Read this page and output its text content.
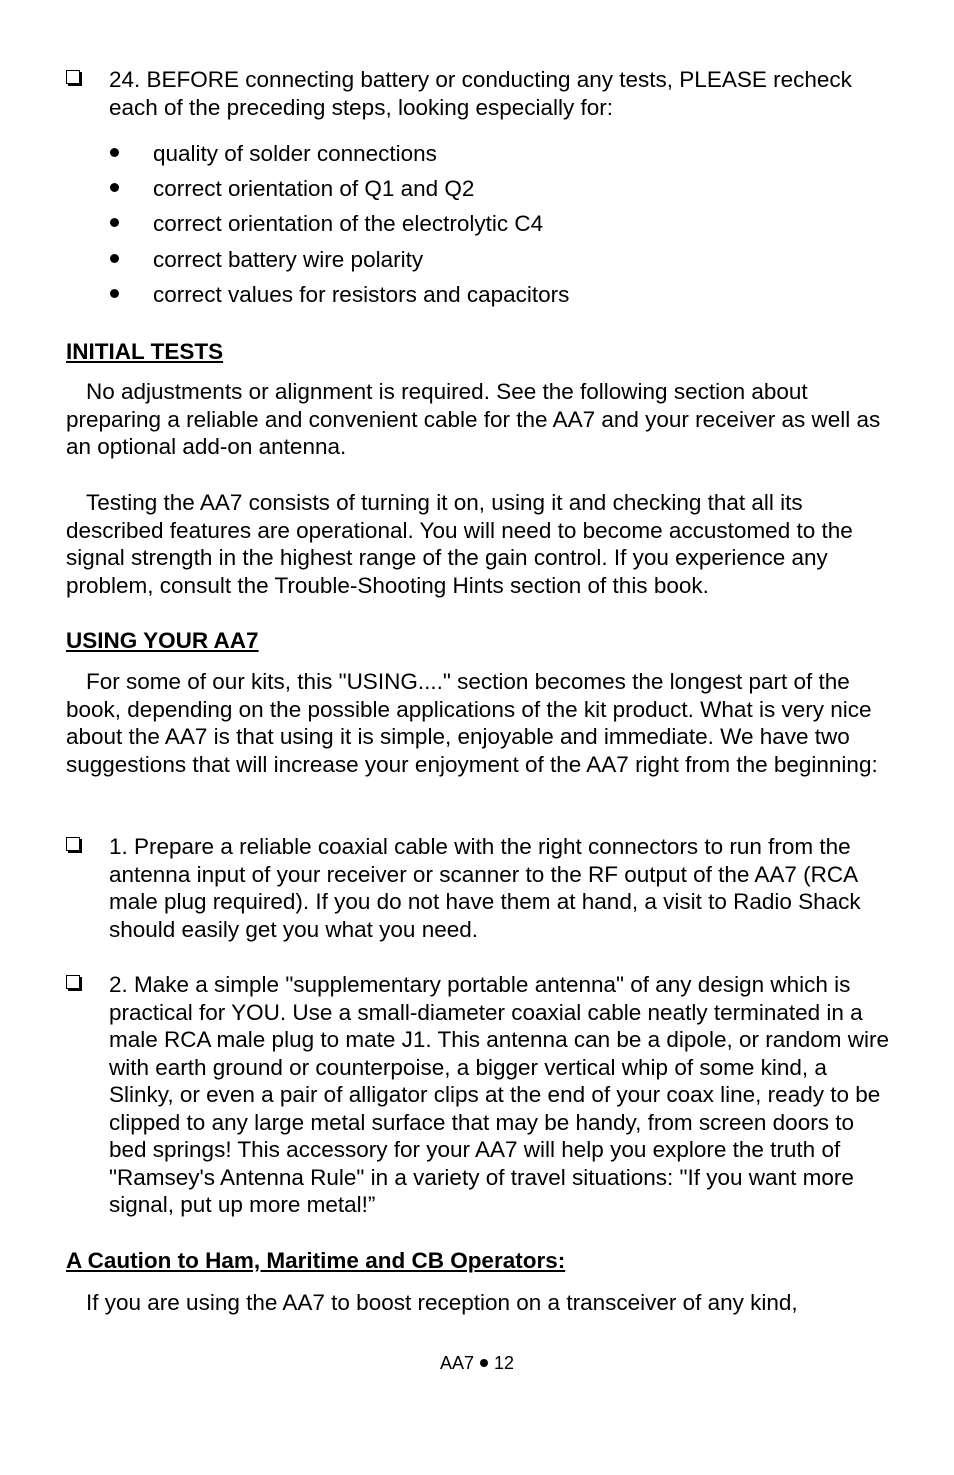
24. BEFORE connecting battery or conducting any tests, PLEASE recheck each of the preceding steps, looking especially for:
quality of solder connections
correct orientation of Q1 and Q2
correct orientation of the electrolytic C4
correct battery wire polarity
correct values for resistors and capacitors
INITIAL TESTS
No adjustments or alignment is required. See the following section about preparing a reliable and convenient cable for the AA7 and your receiver as well as an optional add-on antenna.
Testing the AA7 consists of turning it on, using it and checking that all its described features are operational. You will need to become accustomed to the signal strength in the highest range of the gain control. If you experience any problem, consult the Trouble-Shooting Hints section of this book.
USING YOUR AA7
For some of our kits, this "USING...." section becomes the longest part of the book, depending on the possible applications of the kit product. What is very nice about the AA7 is that using it is simple, enjoyable and immediate. We have two suggestions that will increase your enjoyment of the AA7 right from the beginning:
1. Prepare a reliable coaxial cable with the right connectors to run from the antenna input of your receiver or scanner to the RF output of the AA7 (RCA male plug required). If you do not have them at hand, a visit to Radio Shack should easily get you what you need.
2. Make a simple "supplementary portable antenna" of any design which is practical for YOU. Use a small-diameter coaxial cable neatly terminated in a male RCA male plug to mate J1. This antenna can be a dipole, or random wire with earth ground or counterpoise, a bigger vertical whip of some kind, a Slinky, or even a pair of alligator clips at the end of your coax line, ready to be clipped to any large metal surface that may be handy, from screen doors to bed springs! This accessory for your AA7 will help you explore the truth of "Ramsey's Antenna Rule" in a variety of travel situations: "If you want more signal, put up more metal!”
A Caution to Ham, Maritime and CB Operators:
If you are using the AA7 to boost reception on a transceiver of any kind,
AA7 12
